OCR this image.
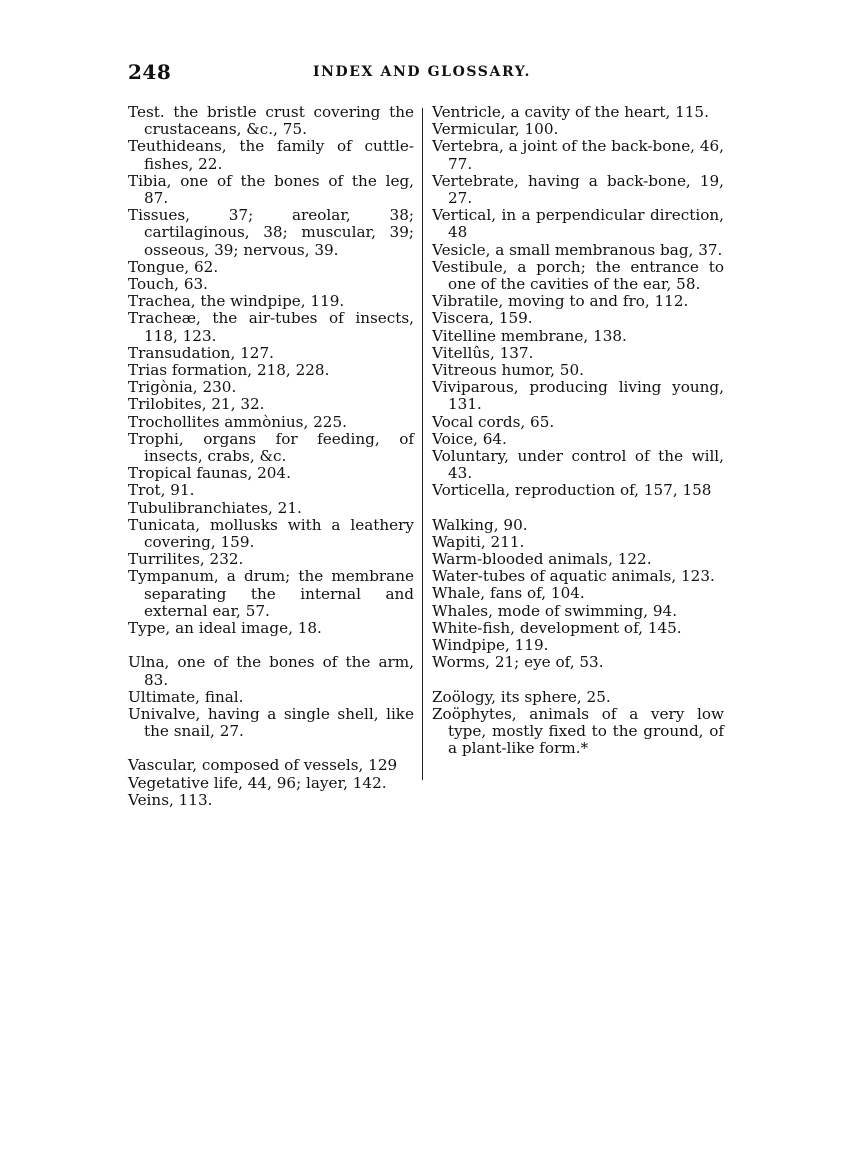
248	INDEX AND GLOSSARY.

Test. the bristle crust covering the crustaceans, &c., 75.

Teuthideans, the family of cuttle-fishes, 22.

Tibia, one of the bones of the leg, 87.

Tissues, 37; areolar, 38; cartilaginous, 38; muscular, 39; osseous, 39; nervous, 39.

Tongue, 62.

Touch, 63.

Trachea, the windpipe, 119.

Tracheæ, the air-tubes of insects, 118, 123.

Transudation, 127.

Trias formation, 218, 228.

Trigònia, 230.

Trilobites, 21, 32.

Trochollites ammònius, 225.

Trophi, organs for feeding, of insects, crabs, &c.

Tropical faunas, 204.

Trot, 91.

Tubulibranchiates, 21.

Tunicata, mollusks with a leathery covering, 159.

Turrilites, 232.

Tympanum, a drum; the membrane separating the internal and external ear, 57.

Type, an ideal image, 18.

Ulna, one of the bones of the arm, 83.

Ultimate, final.

Univalve, having a single shell, like the snail, 27.

Vascular, composed of vessels, 129

Vegetative life, 44, 96; layer, 142.

Veins, 113.

Ventricle, a cavity of the heart, 115.

Vermicular, 100.

Vertebra, a joint of the back-bone, 46, 77.

Vertebrate, having a back-bone, 19, 27.

Vertical, in a perpendicular direction, 48

Vesicle, a small membranous bag, 37.

Vestibule, a porch; the entrance to one of the cavities of the ear, 58.

Vibratile, moving to and fro, 112.

Viscera, 159.

Vitelline membrane, 138.

Vitellûs, 137.

Vitreous humor, 50.

Viviparous, producing living young, 131.

Vocal cords, 65.

Voice, 64.

Voluntary, under control of the will, 43.

Vorticella, reproduction of, 157, 158

Walking, 90.

Wapiti, 211.

Warm-blooded animals, 122.

Water-tubes of aquatic animals, 123.

Whale, fans of, 104.

Whales, mode of swimming, 94.

White-fish, development of, 145.

Windpipe, 119.

Worms, 21; eye of, 53.

Zoölogy, its sphere, 25.

Zoöphytes, animals of a very low type, mostly fixed to the ground, of a plant-like form.*
